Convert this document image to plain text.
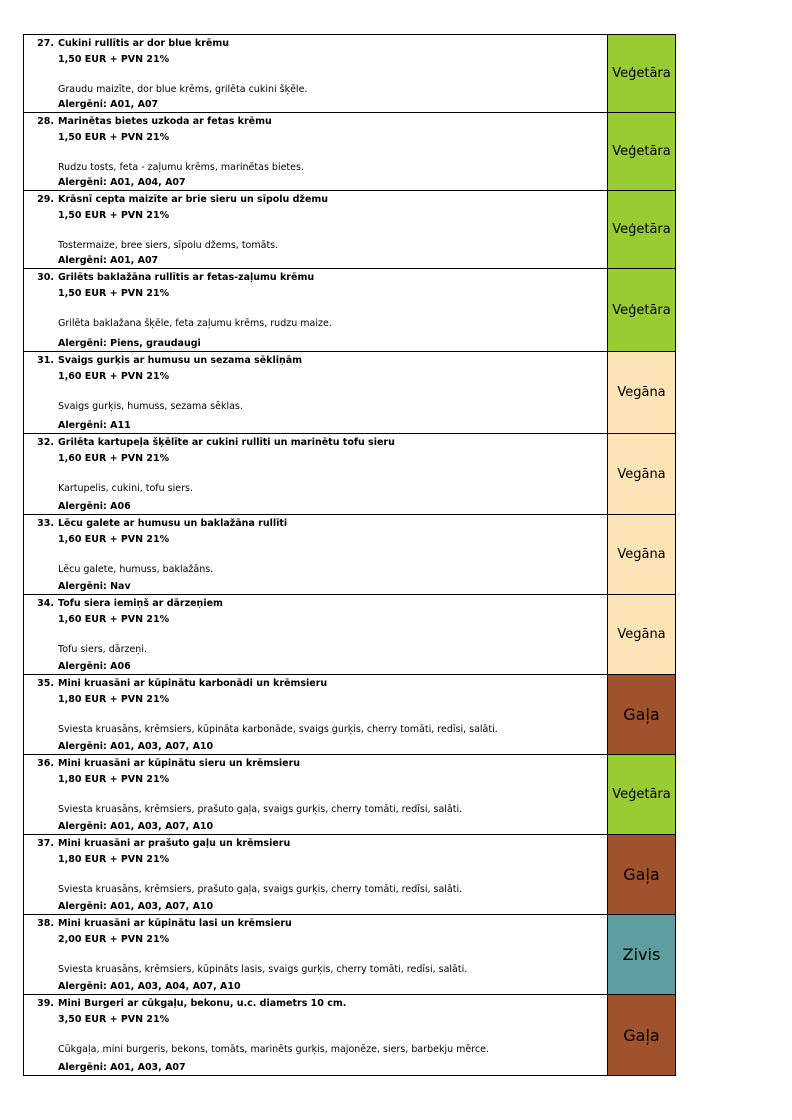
27. Cukini rullītis ar dor blue krēmu
1,50 EUR + PVN 21%
Graudu maizīte, dor blue krēms, grilēta cukini šķēle.
Alergēni: A01, A07
Veģetāra
28. Marinētas bietes uzkoda ar fetas krēmu
1,50 EUR + PVN 21%
Rudzu tosts, feta - zaļumu krēms, marinētas bietes.
Alergēni: A01, A04, A07
Veģetāra
29. Krāsnī cepta maizīte ar brie sieru un sīpolu džemu
1,50 EUR + PVN 21%
Tostermaize, bree siers, sīpolu džems, tomāts.
Alergēni: A01, A07
Veģetāra
30. Grilēts baklažāna rullītis ar fetas-zaļumu krēmu
1,50 EUR + PVN 21%
Grilēta baklažana šķēle, feta zaļumu krēms, rudzu maize.
Alergēni: Piens, graudaugi
Veģetāra
31. Svaigs gurķis ar humusu un sezama sēkliņām
1,60 EUR + PVN 21%
Svaigs gurķis, humuss, sezama sēklas.
Alergēni: A11
Vegāna
32. Grilēta kartupeļa šķēlīte ar cukini rullīti un marinētu tofu sieru
1,60 EUR + PVN 21%
Kartupelis, cukini, tofu siers.
Alergēni: A06
Vegāna
33. Lēcu galete ar humusu un baklažāna rullīti
1,60 EUR + PVN 21%
Lēcu galete, humuss, baklažāns.
Alergēni: Nav
Vegāna
34. Tofu siera iemiņš ar dārzeņiem
1,60 EUR + PVN 21%
Tofu siers, dārzeņi.
Alergēni: A06
Vegāna
35. Mini kruasāni ar kūpinātu karbonādi un krēmsieru
1,80 EUR + PVN 21%
Sviesta kruasāns, krēmsiers, kūpināta karbonāde, svaigs gurķis, cherry tomāti, redīsi, salāti.
Alergēni: A01, A03, A07, A10
Gaļa
36. Mini kruasāni ar kūpinātu sieru un krēmsieru
1,80 EUR + PVN 21%
Sviesta kruasāns, krēmsiers, prašuto gaļa, svaigs gurķis, cherry tomāti, redīsi, salāti.
Alergēni: A01, A03, A07, A10
Veģetāra
37. Mini kruasāni ar prašuto gaļu un krēmsieru
1,80 EUR + PVN 21%
Sviesta kruasāns, krēmsiers, prašuto gaļa, svaigs gurķis, cherry tomāti, redīsi, salāti.
Alergēni: A01, A03, A07, A10
Gaļa
38. Mini kruasāni ar kūpinātu lasi un krēmsieru
2,00 EUR + PVN 21%
Sviesta kruasāns, krēmsiers, kūpināts lasis, svaigs gurķis, cherry tomāti, redīsi, salāti.
Alergēni: A01, A03, A04, A07, A10
Zivis
39. Mini Burgeri ar cūkgaļu, bekonu, u.c. diametrs 10 cm.
3,50 EUR + PVN 21%
Cūkgaļa, mini burgeris, bekons, tomāts, marinēts gurķis, majonēze, siers, barbekju mērce.
Alergēni: A01, A03, A07
Gaļa
